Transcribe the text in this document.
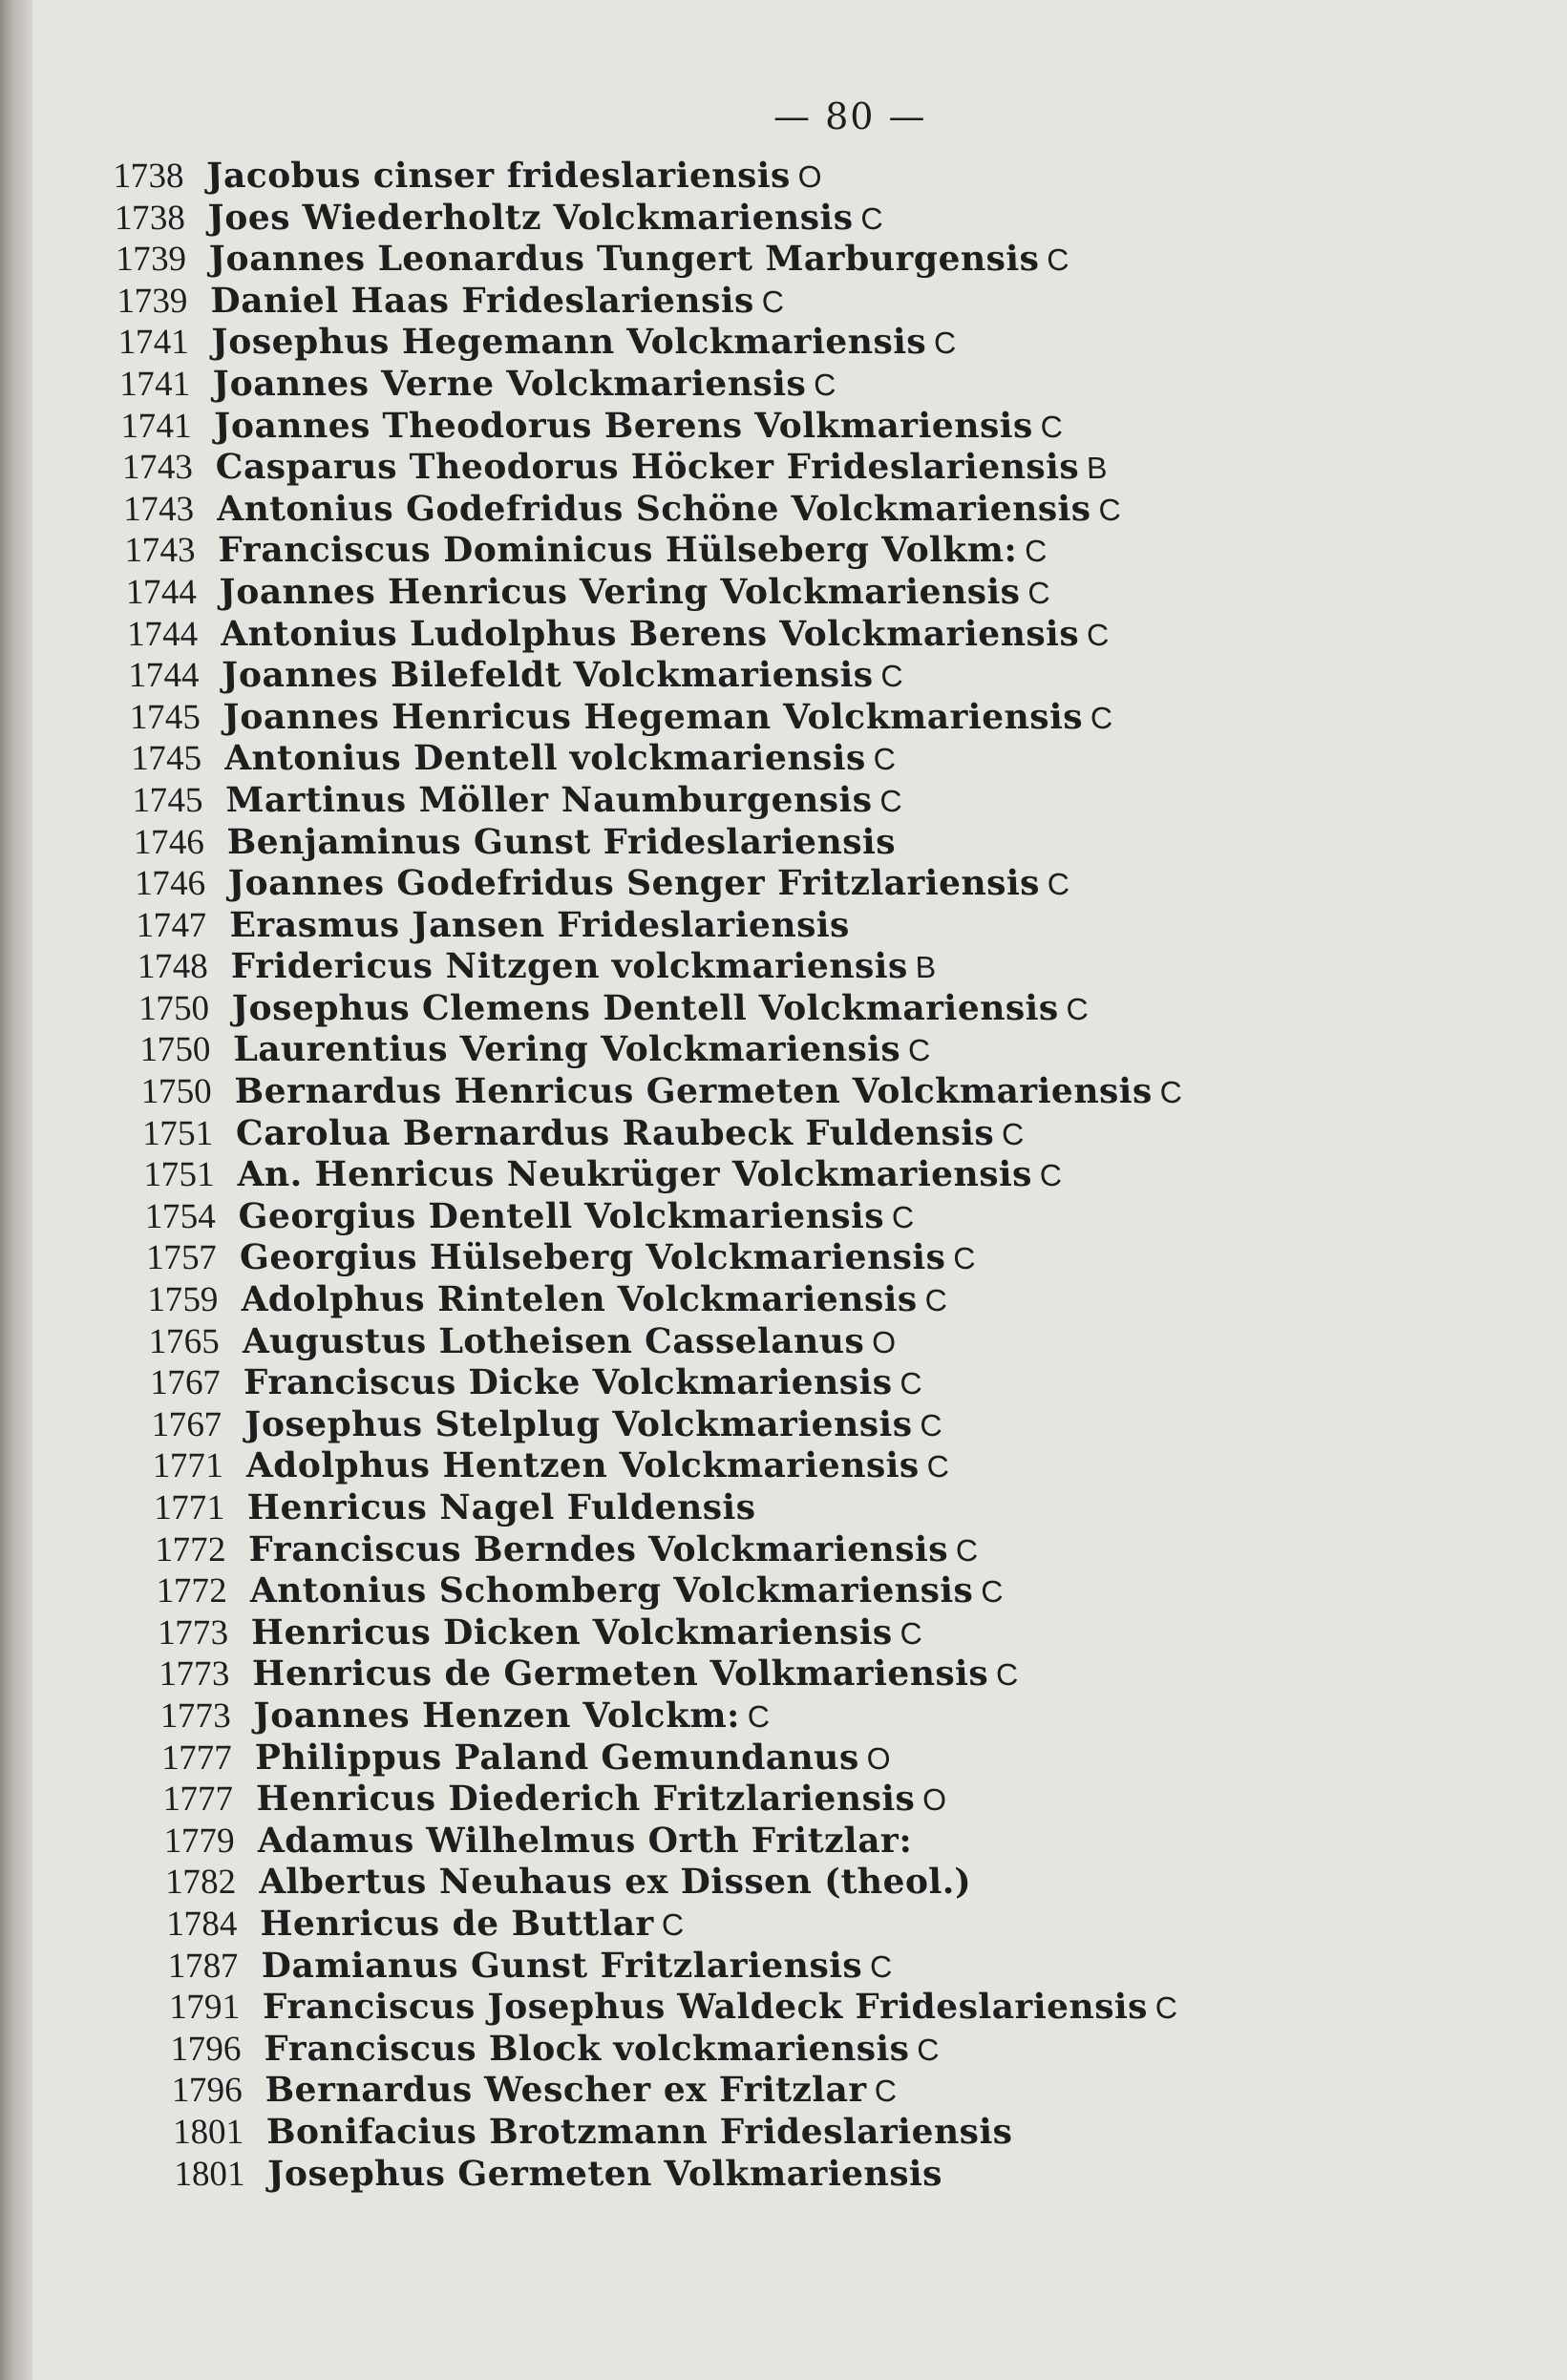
— 80 —
1738 Jacobus cinser frideslariensis O
1738 Joes Wiederholtz Volckmariensis C
1739 Joannes Leonardus Tungert Marburgensis C
1739 Daniel Haas Frideslariensis C
1741 Josephus Hegemann Volckmariensis C
1741 Joannes Verne Volckmariensis C
1741 Joannes Theodorus Berens Volkmariensis C
1743 Casparus Theodorus Höcker Frideslariensis B
1743 Antonius Godefridus Schöne Volckmariensis C
1743 Franciscus Dominicus Hülseberg Volkm: C
1744 Joannes Henricus Vering Volckmariensis C
1744 Antonius Ludolphus Berens Volckmariensis C
1744 Joannes Bilefeldt Volckmariensis C
1745 Joannes Henricus Hegeman Volckmariensis C
1745 Antonius Dentell volckmariensis C
1745 Martinus Möller Naumburgensis C
1746 Benjaminus Gunst Frideslariensis
1746 Joannes Godefridus Senger Fritzlariensis C
1747 Erasmus Jansen Frideslariensis
1748 Fridericus Nitzgen volckmariensis B
1750 Josephus Clemens Dentell Volckmariensis C
1750 Laurentius Vering Volckmariensis C
1750 Bernardus Henricus Germeten Volckmariensis C
1751 Carolua Bernardus Raubeck Fuldensis C
1751 An. Henricus Neukrüger Volckmariensis C
1754 Georgius Dentell Volckmariensis C
1757 Georgius Hülseberg Volckmariensis C
1759 Adolphus Rintelen Volckmariensis C
1765 Augustus Lotheisen Casselanus O
1767 Franciscus Dicke Volckmariensis C
1767 Josephus Stelplug Volckmariensis C
1771 Adolphus Hentzen Volckmariensis C
1771 Henricus Nagel Fuldensis
1772 Franciscus Berndes Volckmariensis C
1772 Antonius Schomberg Volckmariensis C
1773 Henricus Dicken Volckmariensis C
1773 Henricus de Germeten Volkmariensis C
1773 Joannes Henzen Volckm: C
1777 Philippus Paland Gemundanus O
1777 Henricus Diederich Fritzlariensis O
1779 Adamus Wilhelmus Orth Fritzlar:
1782 Albertus Neuhaus ex Dissen (theol.)
1784 Henricus de Buttlar C
1787 Damianus Gunst Fritzlariensis C
1791 Franciscus Josephus Waldeck Frideslariensis C
1796 Franciscus Block volckmariensis C
1796 Bernardus Wescher ex Fritzlar C
1801 Bonifacius Brotzmann Frideslariensis
1801 Josephus Germeten Volkmariensis
